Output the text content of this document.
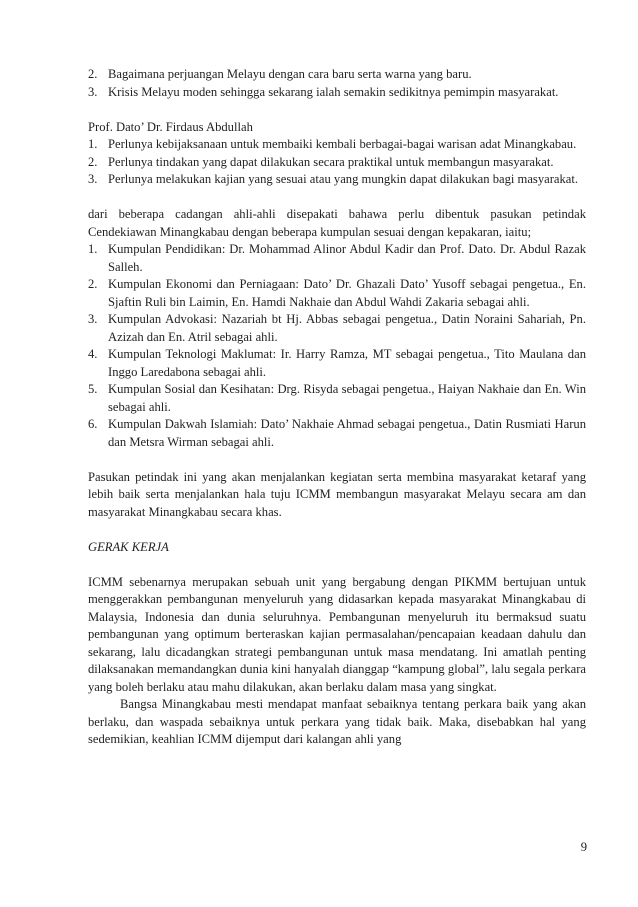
2. Bagaimana perjuangan Melayu dengan cara baru serta warna yang baru.
3. Krisis Melayu moden sehingga sekarang ialah semakin sedikitnya pemimpin masyarakat.

Prof. Dato’ Dr. Firdaus Abdullah

1. Perlunya kebijaksanaan untuk membaiki kembali berbagai-bagai warisan adat Minangkabau.
2. Perlunya tindakan yang dapat dilakukan secara praktikal untuk membangun masyarakat.
3. Perlunya melakukan kajian yang sesuai atau yang mungkin dapat dilakukan bagi masyarakat.

dari beberapa cadangan ahli-ahli disepakati bahawa perlu dibentuk pasukan petindak Cendekiawan Minangkabau dengan beberapa kumpulan sesuai dengan kepakaran, iaitu;

1. Kumpulan Pendidikan: Dr. Mohammad Alinor Abdul Kadir dan Prof. Dato. Dr. Abdul Razak Salleh.
2. Kumpulan Ekonomi dan Perniagaan: Dato’ Dr. Ghazali Dato’ Yusoff sebagai pengetua., En. Sjaftin Ruli bin Laimin, En. Hamdi Nakhaie dan Abdul Wahdi Zakaria sebagai ahli.
3. Kumpulan Advokasi: Nazariah bt Hj. Abbas sebagai pengetua., Datin Noraini Sahariah, Pn. Azizah dan En. Atril sebagai ahli.
4. Kumpulan Teknologi Maklumat: Ir. Harry Ramza, MT sebagai pengetua., Tito Maulana dan Inggo Laredabona sebagai ahli.
5. Kumpulan Sosial dan Kesihatan: Drg. Risyda sebagai pengetua., Haiyan Nakhaie dan En. Win sebagai ahli.
6. Kumpulan Dakwah Islamiah: Dato’ Nakhaie Ahmad sebagai pengetua., Datin Rusmiati Harun dan Metsra Wirman sebagai ahli.

Pasukan petindak ini yang akan menjalankan kegiatan serta membina masyarakat ketaraf yang lebih baik serta menjalankan hala tuju ICMM membangun masyarakat Melayu secara am dan masyarakat Minangkabau secara khas.

GERAK KERJA

ICMM sebenarnya merupakan sebuah unit yang bergabung dengan PIKMM bertujuan untuk menggerakkan pembangunan menyeluruh yang didasarkan kepada masyarakat Minangkabau di Malaysia, Indonesia dan dunia seluruhnya. Pembangunan menyeluruh itu bermaksud suatu pembangunan yang optimum berteraskan kajian permasalahan/pencapaian keadaan dahulu dan sekarang, lalu dicadangkan strategi pembangunan untuk masa mendatang. Ini amatlah penting dilaksanakan memandangkan dunia kini hanyalah dianggap “kampung global”, lalu segala perkara yang boleh berlaku atau mahu dilakukan, akan berlaku dalam masa yang singkat.

Bangsa Minangkabau mesti mendapat manfaat sebaiknya tentang perkara baik yang akan berlaku, dan waspada sebaiknya untuk perkara yang tidak baik. Maka, disebabkan hal yang sedemikian, keahlian ICMM dijemput dari kalangan ahli yang

9
